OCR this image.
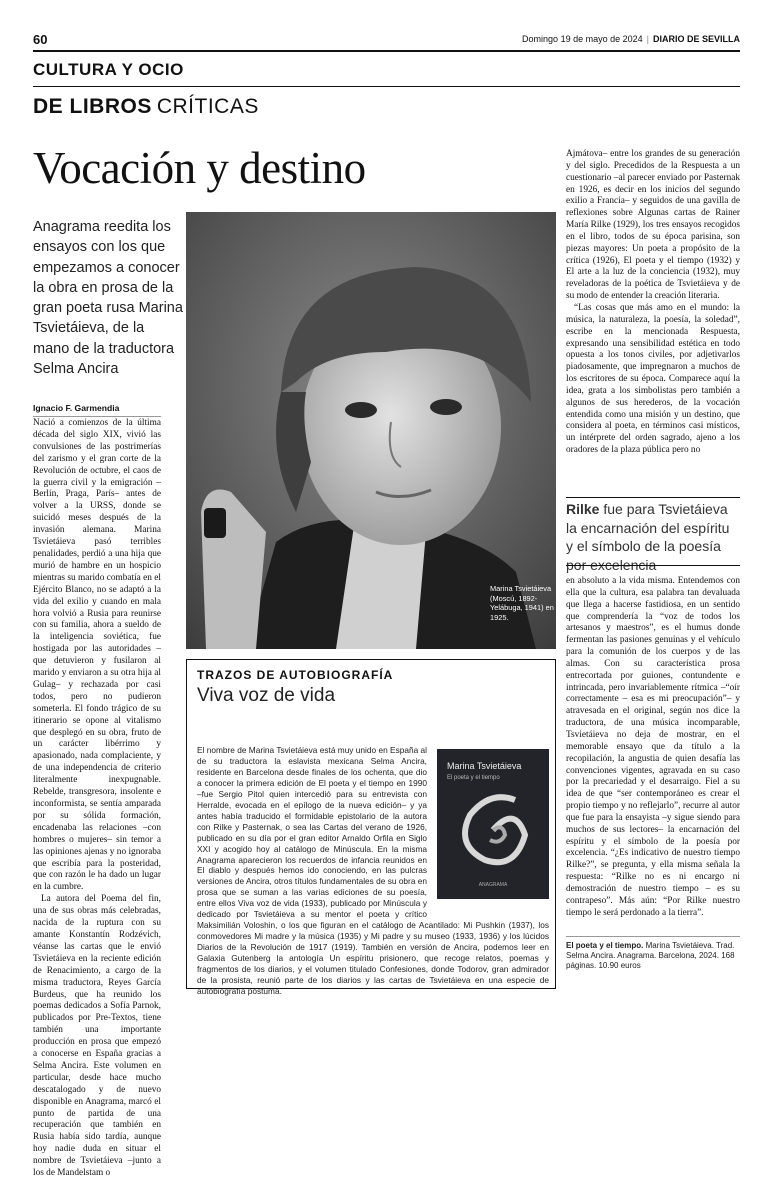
60	Domingo 19 de mayo de 2024 | DIARIO DE SEVILLA
CULTURA Y OCIO
DE LIBROS CRÍTICAS
Vocación y destino
Anagrama reedita los ensayos con los que empezamos a conocer la obra en prosa de la gran poeta rusa Marina Tsvietáieva, de la mano de la traductora Selma Ancira
Ignacio F. Garmendia

Nació a comienzos de la última década del siglo XIX, vivió las convulsiones de las postrimerías del zarismo y el gran corte de la Revolución de octubre, el caos de la guerra civil y la emigración –Berlín, Praga, París– antes de volver a la URSS, donde se suicidó meses después de la invasión alemana. Marina Tsvietáieva pasó terribles penalidades, perdió a una hija que murió de hambre en un hospicio mientras su marido combatía en el Ejército Blanco, no se adaptó a la vida del exilio y cuando en mala hora volvió a Rusia para reunirse con su familia, ahora a sueldo de la inteligencia soviética, fue hostigada por las autoridades –que detuvieron y fusilaron al marido y enviaron a su otra hija al Gulag– y rechazada por casi todos, pero no pudieron someterla. El fondo trágico de su itinerario se opone al vitalismo que desplegó en su obra, fruto de un carácter libérrimo y apasionado, nada complaciente, y de una independencia de criterio literalmente inexpugnable. Rebelde, transgresora, insolente e inconformista, se sentía amparada por su sólida formación, encadenaba las relaciones –con hombres o mujeres– sin temor a las opiniones ajenas y no ignoraba que escribía para la posteridad, que con razón le ha dado un lugar en la cumbre.

La autora del Poema del fin, una de sus obras más celebradas, nacida de la ruptura con su amante Konstantín Rodzévich, véanse las cartas que le envió Tsvietáieva en la reciente edición de Renacimiento, a cargo de la misma traductora, Reyes García Burdeus, que ha reunido los poemas dedicados a Sofía Parnok, publicados por Pre-Textos, tiene también una importante producción en prosa que empezó a conocerse en España gracias a Selma Ancira. Este volumen en particular, desde hace mucho descatalogado y de nuevo disponible en Anagrama, marcó el punto de partida de una recuperación que también en Rusia había sido tardía, aunque hoy nadie duda en situar el nombre de Tsvietáieva –junto a los de Mandelstam o

Marina Tsvietáieva (Moscú, 1892-Yelábuga, 1941) en 1925.

Ajmátova– entre los grandes de su generación y del siglo. Precedidos de la Respuesta a un cuestionario –al parecer enviado por Pasternak en 1926, es decir en los inicios del segundo exilio a Francia– y seguidos de una gavilla de reflexiones sobre Algunas cartas de Rainer María Rilke (1929), los tres ensayos recogidos en el libro, todos de su época parisina, son piezas mayores: Un poeta a propósito de la crítica (1926), El poeta y el tiempo (1932) y El arte a la luz de la conciencia (1932), muy reveladoras de la poética de Tsvietáieva y de su modo de entender la creación literaria.

“Las cosas que más amo en el mundo: la música, la naturaleza, la poesía, la soledad”, escribe en la mencionada Respuesta, expresando una sensibilidad estética en todo opuesta a los tonos civiles, por adjetivarlos piadosamente, que impregnaron a muchos de los escritores de su época. Comparece aquí la idea, grata a los simbolistas pero también a algunos de sus herederos, de la vocación entendida como una misión y un destino, que considera al poeta, en términos casi místicos, un intérprete del orden sagrado, ajeno a los oradores de la plaza pública pero no

Rilke fue para Tsvietáieva la encarnación del espíritu y el símbolo de la poesía por excelencia
en absoluto a la vida misma. Entendemos con ella que la cultura, esa palabra tan devaluada que llega a hacerse fastidiosa, en un sentido que comprendería la “voz de todos los artesanos y maestros”, es el humus donde fermentan las pasiones genuinas y el vehículo para la comunión de los cuerpos y de las almas. Con su característica prosa entrecortada por guiones, contundente e intrincada, pero invariablemente rítmica –“oír correctamente – esa es mi preocupación”– y atravesada en el original, según nos dice la traductora, de una música incomparable, Tsvietáieva no deja de mostrar, en el memorable ensayo que da título a la recopilación, la angustia de quien desafía las convenciones vigentes, agravada en su caso por la precariedad y el desarraigo. Fiel a su idea de que “ser contemporáneo es crear el propio tiempo y no reflejarlo”, recurre al autor que fue para la ensayista –y sigue siendo para muchos de sus lectores– la encarnación del espíritu y el símbolo de la poesía por excelencia. “¿Es indicativo de nuestro tiempo Rilke?”, se pregunta, y ella misma señala la respuesta: “Rilke no es ni encargo ni demostración de nuestro tiempo – es su contrapeso”. Más aún: “Por Rilke nuestro tiempo le será perdonado a la tierra”.
El poeta y el tiempo. Marina Tsvietáieva. Trad. Selma Ancira. Anagrama. Barcelona, 2024. 168 páginas. 10.90 euros
TRAZOS DE AUTOBIOGRAFÍA
Viva voz de vida
Marina Tsvietáieva
El poeta y el tiempo
ANAGRAMA
El nombre de Marina Tsvietáieva está muy unido en España al de su traductora la eslavista mexicana Selma Ancira, residente en Barcelona desde finales de los ochenta, que dio a conocer la primera edición de El poeta y el tiempo en 1990 –fue Sergio Pitol quien intercedió para su entrevista con Herralde, evocada en el epílogo de la nueva edición– y ya antes había traducido el formidable epistolario de la autora con Rilke y Pasternak, o sea las Cartas del verano de 1926, publicado en su día por el gran editor Arnaldo Orfila en Siglo XXI y acogido hoy al catálogo de Minúscula. En la misma Anagrama aparecieron los recuerdos de infancia reunidos en El diablo y después hemos ido conociendo, en las pulcras versiones de Ancira, otros títulos fundamentales de su obra en prosa que se suman a las varias ediciones de su poesía, entre ellos Viva voz de vida (1933), publicado por Minúscula y dedicado por Tsvietáieva a su mentor el poeta y crítico Maksimilián Voloshin, o los que figuran en el catálogo de Acantilado: Mi Pushkin (1937), los conmovedores Mi madre y la música (1935) y Mi padre y su museo (1933, 1936) y los lúcidos Diarios de la Revolución de 1917 (1919). También en versión de Ancira, podemos leer en Galaxia Gutenberg la antología Un espíritu prisionero, que recoge relatos, poemas y fragmentos de los diarios, y el volumen titulado Confesiones, donde Todorov, gran admirador de la prosista, reunió parte de los diarios y las cartas de Tsvietáieva en una especie de autobiografía póstuma.
